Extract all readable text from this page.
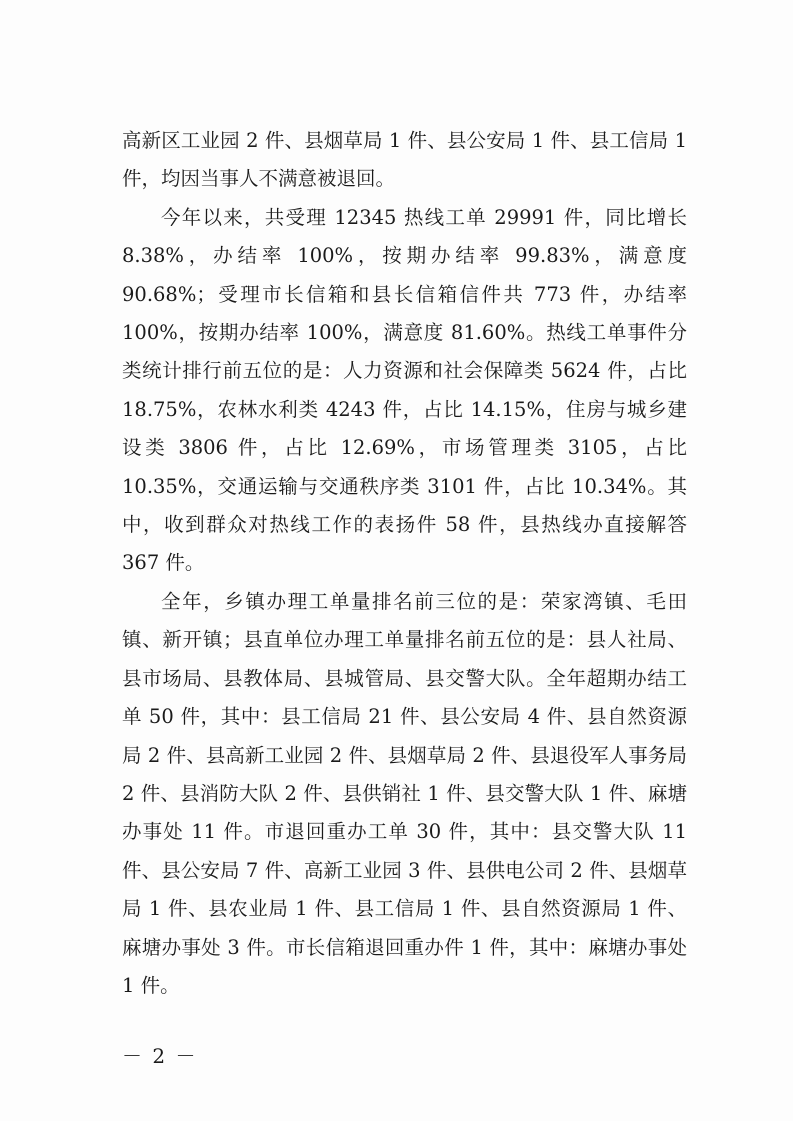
高新区工业园 2 件、县烟草局 1 件、县公安局 1 件、县工信局 1 件，均因当事人不满意被退回。

今年以来，共受理 12345 热线工单 29991 件，同比增长 8.38%，办结率 100%，按期办结率 99.83%，满意度 90.68%；受理市长信箱和县长信箱信件共 773 件，办结率 100%，按期办结率 100%，满意度 81.60%。热线工单事件分类统计排行前五位的是：人力资源和社会保障类 5624 件，占比 18.75%，农林水利类 4243 件，占比 14.15%，住房与城乡建设类 3806 件，占比 12.69%，市场管理类 3105，占比 10.35%，交通运输与交通秩序类 3101 件，占比 10.34%。其中，收到群众对热线工作的表扬件 58 件，县热线办直接解答 367 件。

全年，乡镇办理工单量排名前三位的是：荣家湾镇、毛田镇、新开镇；县直单位办理工单量排名前五位的是：县人社局、县市场局、县教体局、县城管局、县交警大队。全年超期办结工单 50 件，其中：县工信局 21 件、县公安局 4 件、县自然资源局 2 件、县高新工业园 2 件、县烟草局 2 件、县退役军人事务局 2 件、县消防大队 2 件、县供销社 1 件、县交警大队 1 件、麻塘办事处 11 件。市退回重办工单 30 件，其中：县交警大队 11 件、县公安局 7 件、高新工业园 3 件、县供电公司 2 件、县烟草局 1 件、县农业局 1 件、县工信局 1 件、县自然资源局 1 件、麻塘办事处 3 件。市长信箱退回重办件 1 件，其中：麻塘办事处 1 件。

－ 2 －
